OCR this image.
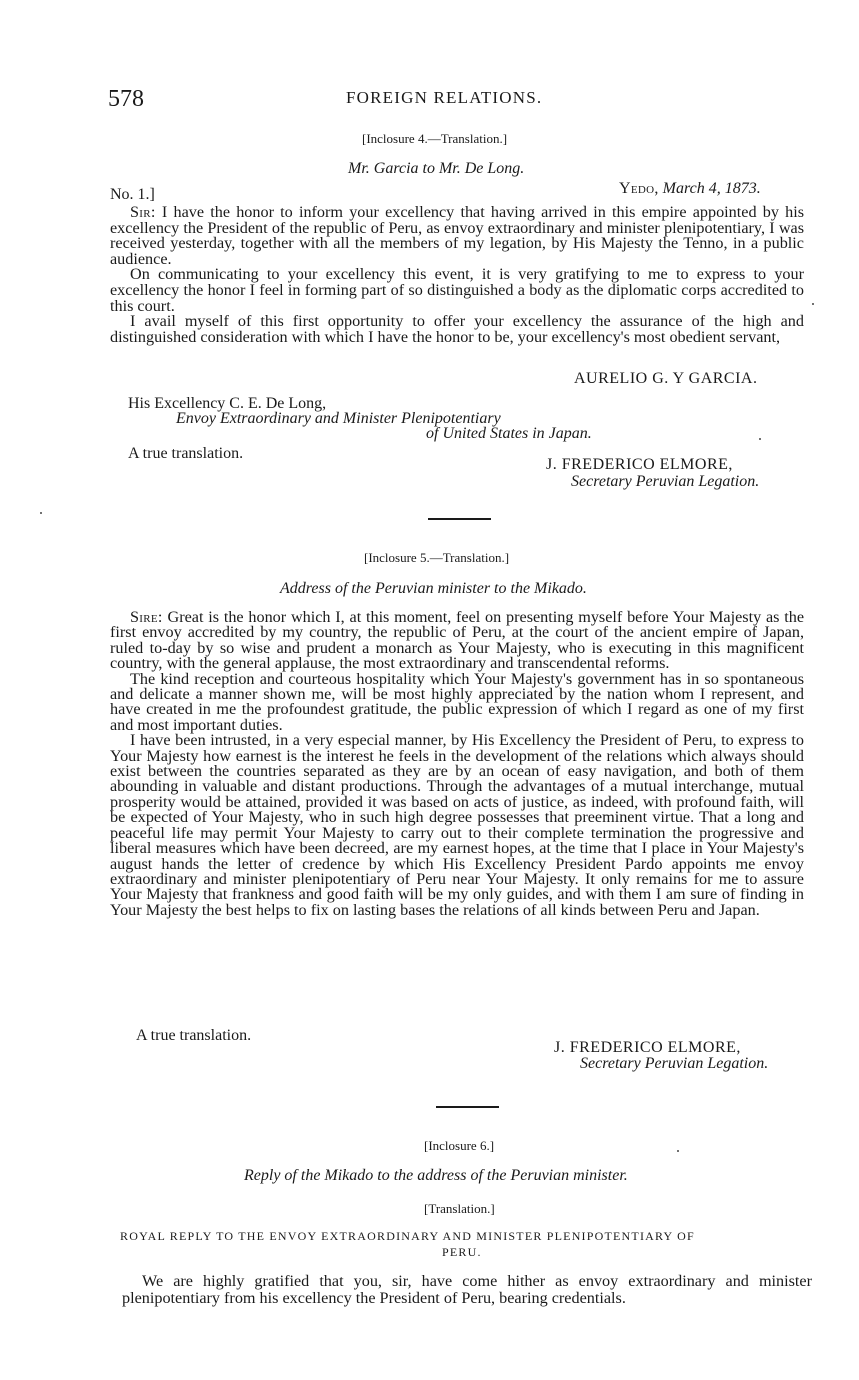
578	FOREIGN RELATIONS.
[Inclosure 4.—Translation.]
Mr. Garcia to Mr. De Long.
No. 1.]	Yedo, March 4, 1873.

Sir: I have the honor to inform your excellency that having arrived in this empire appointed by his excellency the President of the republic of Peru, as envoy extraordinary and minister plenipotentiary, I was received yesterday, together with all the members of my legation, by His Majesty the Tenno, in a public audience.

On communicating to your excellency this event, it is very gratifying to me to express to your excellency the honor I feel in forming part of so distinguished a body as the diplomatic corps accredited to this court.

I avail myself of this first opportunity to offer your excellency the assurance of the high and distinguished consideration with which I have the honor to be, your excellency's most obedient servant,

AURELIO G. Y GARCIA.
His Excellency C. E. De Long,
Envoy Extraordinary and Minister Plenipotentiary
of United States in Japan.
A true translation.
J. FREDERICO ELMORE,
Secretary Peruvian Legation.
[Inclosure 5.—Translation.]
Address of the Peruvian minister to the Mikado.

Sire: Great is the honor which I, at this moment, feel on presenting myself before Your Majesty as the first envoy accredited by my country, the republic of Peru, at the court of the ancient empire of Japan, ruled to-day by so wise and prudent a monarch as Your Majesty, who is executing in this magnificent country, with the general applause, the most extraordinary and transcendental reforms.

The kind reception and courteous hospitality which Your Majesty's government has in so spontaneous and delicate a manner shown me, will be most highly appreciated by the nation whom I represent, and have created in me the profoundest gratitude, the public expression of which I regard as one of my first and most important duties.

I have been intrusted, in a very especial manner, by His Excellency the President of Peru, to express to Your Majesty how earnest is the interest he feels in the development of the relations which always should exist between the countries separated as they are by an ocean of easy navigation, and both of them abounding in valuable and distant productions. Through the advantages of a mutual interchange, mutual prosperity would be attained, provided it was based on acts of justice, as indeed, with profound faith, will be expected of Your Majesty, who in such high degree possesses that preeminent virtue. That a long and peaceful life may permit Your Majesty to carry out to their complete termination the progressive and liberal measures which have been decreed, are my earnest hopes, at the time that I place in Your Majesty's august hands the letter of credence by which His Excellency President Pardo appoints me envoy extraordinary and minister plenipotentiary of Peru near Your Majesty. It only remains for me to assure Your Majesty that frankness and good faith will be my only guides, and with them I am sure of finding in Your Majesty the best helps to fix on lasting bases the relations of all kinds between Peru and Japan.

A true translation.
J. FREDERICO ELMORE,
Secretary Peruvian Legation.
[Inclosure 6.]
Reply of the Mikado to the address of the Peruvian minister.
[Translation.]
ROYAL REPLY TO THE ENVOY EXTRAORDINARY AND MINISTER PLENIPOTENTIARY OF
PERU.

We are highly gratified that you, sir, have come hither as envoy extraordinary and minister plenipotentiary from his excellency the President of Peru, bearing credentials.
